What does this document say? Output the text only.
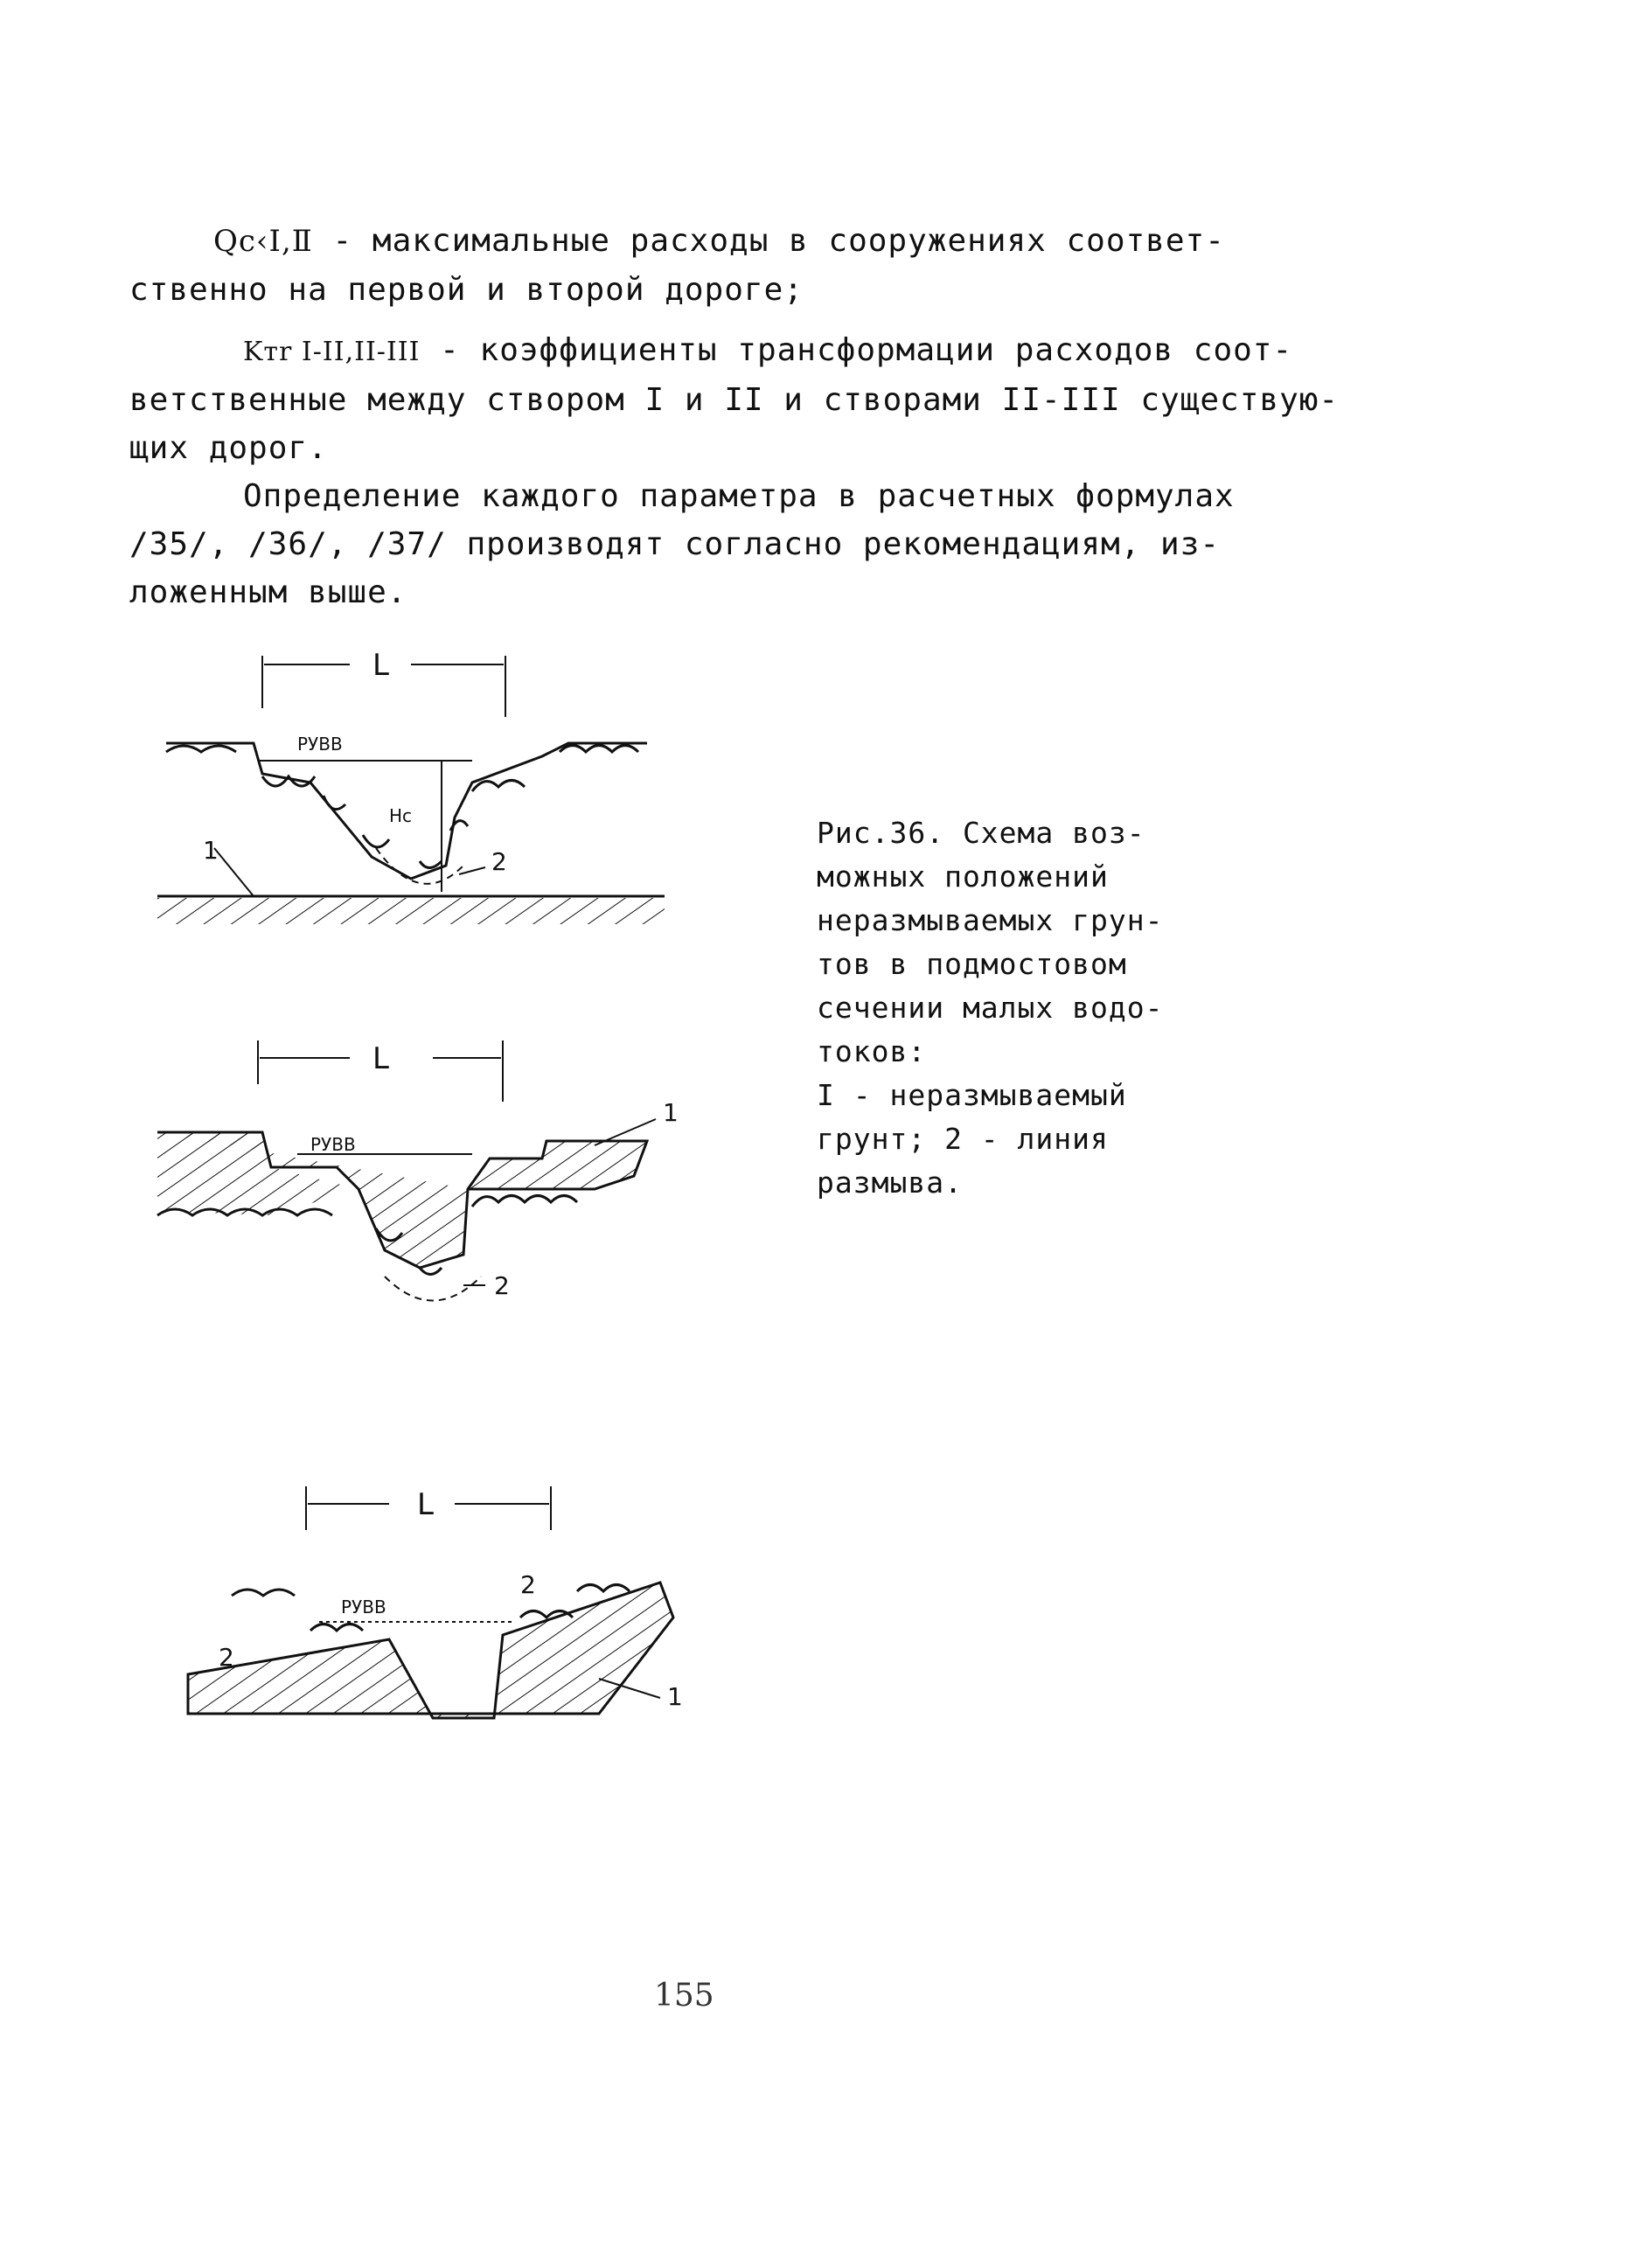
Qc‹I,Ⅱ - максимальные расходы в сооружениях соответ-
ственно на первой и второй дороге;
Kтr I-II,II-III - коэффициенты трансформации расходов соот-
ветственные между створом I и II и створами II-III существую-
щих дорог.
Определение каждого параметра в расчетных формулах
/35/, /36/, /37/ производят согласно рекомендациям, из-
ложенным выше.
L
РУВВ
Hс
1	2
L
РУВВ
1
2
L
РУВВ
2
2
1
Рис.36. Схема воз-
можных положений
неразмываемых грун-
тов в подмостовом
сечении малых водо-
токов:
I - неразмываемый
грунт; 2 - линия
размыва.
155
